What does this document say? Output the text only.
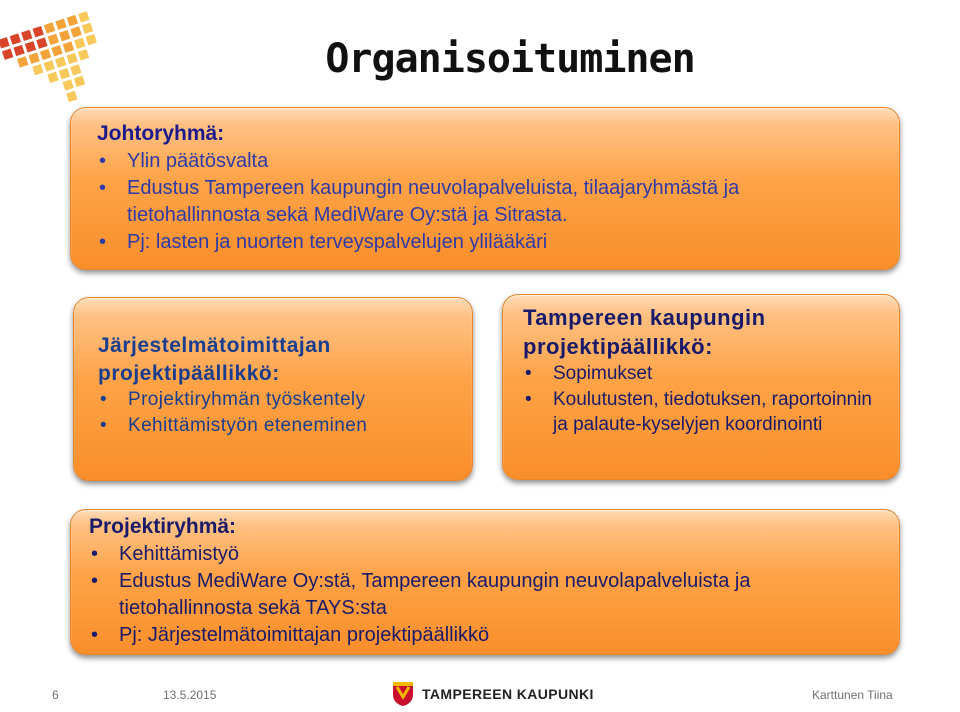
Organisoituminen
Johtoryhmä:
• Ylin päätösvalta
• Edustus Tampereen kaupungin neuvolapalveluista, tilaajaryhmästä ja tietohallinnosta sekä MediWare Oy:stä ja Sitrasta.
• Pj: lasten ja nuorten terveyspalvelujen ylilääkäri
Järjestelmätoimittajan
projektipäällikkö:
• Projektiryhmän työskentely
• Kehittämistyön eteneminen
Tampereen kaupungin
projektipäällikkö:
• Sopimukset
• Koulutusten, tiedotuksen, raportoinnin ja palaute-kyselyjen koordinointi
Projektiryhmä:
• Kehittämistyö
• Edustus MediWare Oy:stä, Tampereen kaupungin neuvolapalveluista ja tietohallinnosta sekä TAYS:sta
• Pj: Järjestelmätoimittajan projektipäällikkö
6	13.5.2015	TAMPEREEN KAUPUNKI	Karttunen Tiina
